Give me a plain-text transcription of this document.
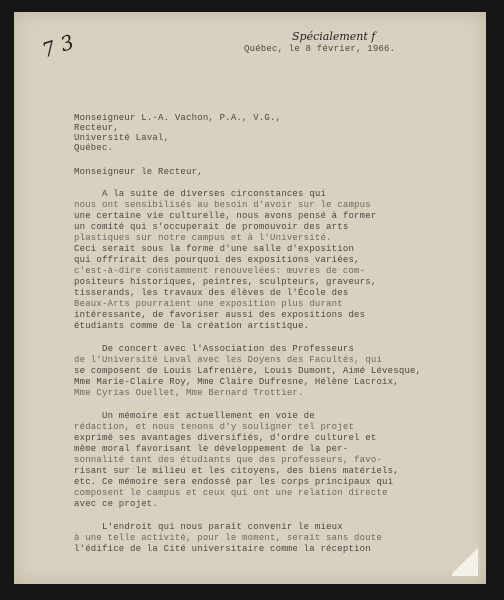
7 3	Spécialement f
Québec, le 8 février, 1966.
Monseigneur L.-A. Vachon, P.A., V.G.,
Recteur,
Université Laval,
Québec.
Monseigneur le Recteur,
A la suite de diverses circonstances qui
nous ont sensibilisés au besoin d'avoir sur le campus
une certaine vie culturelle, nous avons pensé à former
un comité qui s'occuperait de promouvoir des arts
plastiques sur notre campus et à l'Université.
Ceci serait sous la forme d'une salle d'exposition
qui offrirait des pourquoi des expositions variées,
c'est-à-dire constamment renouvelées: œuvres de com-
positeurs historiques, peintres, sculpteurs, graveurs,
tisserands, les travaux des élèves de l'École des
Beaux-Arts pourraient une exposition plus durant
intéressante, de favoriser aussi des expositions des
étudiants comme de la création artistique.
De concert avec l'Association des Professeurs
de l'Université Laval avec les Doyens des Facultés, qui
se composent de Louis Lafrenière, Louis Dumont, Aimé Lévesque,
Mme Marie-Claire Roy, Mme Claire Dufresne, Hélène Lacroix,
Mme Cyrias Ouellet, Mme Bernard Trottier.
Un mémoire est actuellement en voie de
rédaction, et nous tenons d'y souligner tel projet
exprimé ses avantages diversifiés, d'ordre culturel et
même moral favorisant le développement de la per-
sonnalité tant des étudiants que des professeurs, favo-
risant sur le milieu et les citoyens, des biens matériels,
etc. Ce mémoire sera endossé par les corps principaux qui
composent le campus et ceux qui ont une relation directe
avec ce projet.
L'endroit qui nous paraît convenir le mieux
à une telle activité, pour le moment, serait sans doute
l'édifice de la Cité universitaire comme la réception
